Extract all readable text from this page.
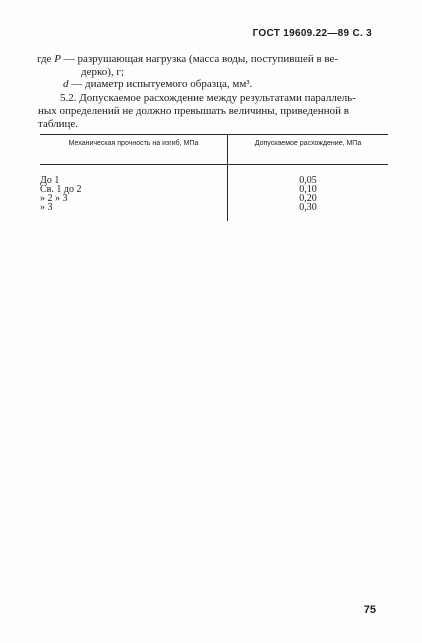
ГОСТ 19609.22—89 С. 3
где P — разрушающая нагрузка (масса воды, поступившей в ве-
дерко), г;
d — диаметр испытуемого образца, мм³.
5.2. Допускаемое расхождение между результатами параллель-
ных определений не должно превышать величины, приведенной в
таблице.
Механическая прочность на изгиб, МПа	Допускаемое расхождение, МПа
До 1	0,05
Св. 1 до 2	0,10
» 2 » 3	0,20
» 3	0,30
75
